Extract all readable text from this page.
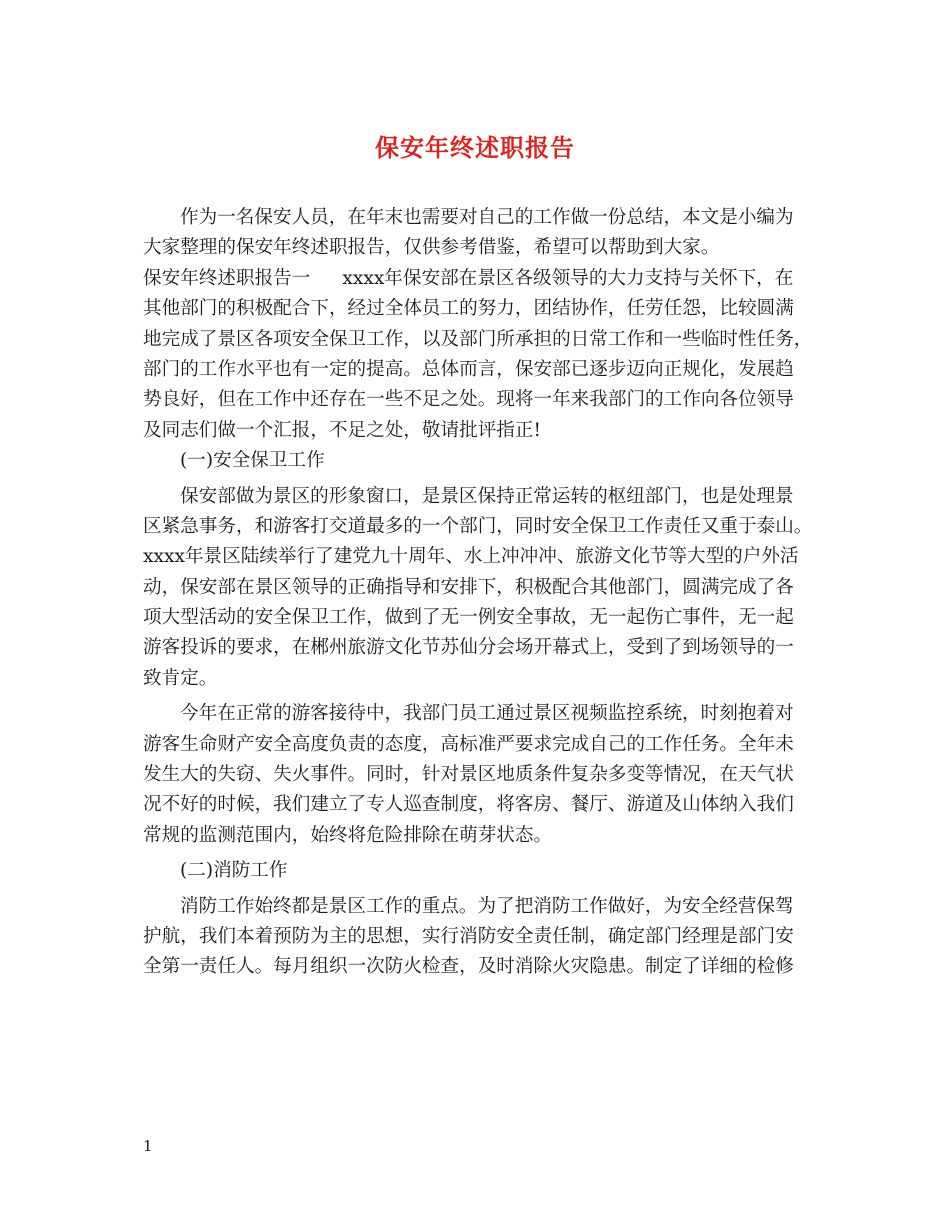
保安年终述职报告
作为一名保安人员，在年末也需要对自己的工作做一份总结，本文是小编为
大家整理的保安年终述职报告，仅供参考借鉴，希望可以帮助到大家。
保安年终述职报告一 xxxx年保安部在景区各级领导的大力支持与关怀下，在
其他部门的积极配合下，经过全体员工的努力，团结协作，任劳任怨，比较圆满
地完成了景区各项安全保卫工作，以及部门所承担的日常工作和一些临时性任务，
部门的工作水平也有一定的提高。总体而言，保安部已逐步迈向正规化，发展趋
势良好，但在工作中还存在一些不足之处。现将一年来我部门的工作向各位领导
及同志们做一个汇报，不足之处，敬请批评指正!
(一)安全保卫工作
保安部做为景区的形象窗口，是景区保持正常运转的枢纽部门，也是处理景
区紧急事务，和游客打交道最多的一个部门，同时安全保卫工作责任又重于泰山。
xxxx年景区陆续举行了建党九十周年、水上冲冲冲、旅游文化节等大型的户外活
动，保安部在景区领导的正确指导和安排下，积极配合其他部门，圆满完成了各
项大型活动的安全保卫工作，做到了无一例安全事故，无一起伤亡事件，无一起
游客投诉的要求，在郴州旅游文化节苏仙分会场开幕式上，受到了到场领导的一
致肯定。
今年在正常的游客接待中，我部门员工通过景区视频监控系统，时刻抱着对
游客生命财产安全高度负责的态度，高标准严要求完成自己的工作任务。全年未
发生大的失窃、失火事件。同时，针对景区地质条件复杂多变等情况，在天气状
况不好的时候，我们建立了专人巡查制度，将客房、餐厅、游道及山体纳入我们
常规的监测范围内，始终将危险排除在萌芽状态。
(二)消防工作
消防工作始终都是景区工作的重点。为了把消防工作做好，为安全经营保驾
护航，我们本着预防为主的思想，实行消防安全责任制，确定部门经理是部门安
全第一责任人。每月组织一次防火检查，及时消除火灾隐患。制定了详细的检修
1
